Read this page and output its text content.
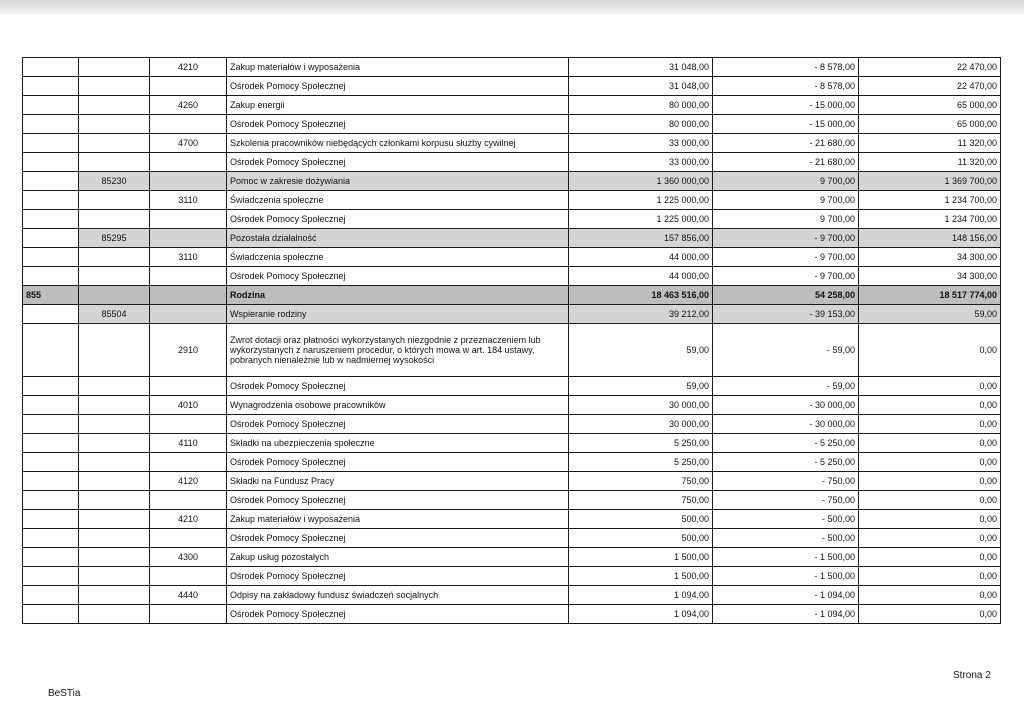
		4210	Zakup materiałów i wyposażenia	31 048,00	- 8 578,00	22 470,00
			Ośrodek Pomocy Społecznej	31 048,00	- 8 578,00	22 470,00
		4260	Zakup energii	80 000,00	- 15 000,00	65 000,00
			Ośrodek Pomocy Społecznej	80 000,00	- 15 000,00	65 000,00
		4700	Szkolenia pracowników niebędących członkami korpusu służby cywilnej	33 000,00	- 21 680,00	11 320,00
			Ośrodek Pomocy Społecznej	33 000,00	- 21 680,00	11 320,00
	85230		Pomoc w zakresie dożywiania	1 360 000,00	9 700,00	1 369 700,00
		3110	Świadczenia społeczne	1 225 000,00	9 700,00	1 234 700,00
			Ośrodek Pomocy Społecznej	1 225 000,00	9 700,00	1 234 700,00
	85295		Pozostała działalność	157 856,00	- 9 700,00	148 156,00
		3110	Świadczenia społeczne	44 000,00	- 9 700,00	34 300,00
			Ośrodek Pomocy Społecznej	44 000,00	- 9 700,00	34 300,00
855			Rodzina	18 463 516,00	54 258,00	18 517 774,00
	85504		Wspieranie rodziny	39 212,00	- 39 153,00	59,00
		2910	Zwrot dotacji oraz płatności wykorzystanych niezgodnie z przeznaczeniem lub wykorzystanych z naruszeniem procedur, o których mowa w art. 184 ustawy, pobranych nienależnie lub w nadmiernej wysokości	59,00	- 59,00	0,00
			Ośrodek Pomocy Społecznej	59,00	- 59,00	0,00
		4010	Wynagrodzenia osobowe pracowników	30 000,00	- 30 000,00	0,00
			Ośrodek Pomocy Społecznej	30 000,00	- 30 000,00	0,00
		4110	Składki na ubezpieczenia społeczne	5 250,00	- 5 250,00	0,00
			Ośrodek Pomocy Społecznej	5 250,00	- 5 250,00	0,00
		4120	Składki na Fundusz Pracy	750,00	- 750,00	0,00
			Ośrodek Pomocy Społecznej	750,00	- 750,00	0,00
		4210	Zakup materiałów i wyposażenia	500,00	- 500,00	0,00
			Ośrodek Pomocy Społecznej	500,00	- 500,00	0,00
		4300	Zakup usług pozostałych	1 500,00	- 1 500,00	0,00
			Ośrodek Pomocy Społecznej	1 500,00	- 1 500,00	0,00
		4440	Odpisy na zakładowy fundusz świadczeń socjalnych	1 094,00	- 1 094,00	0,00
			Ośrodek Pomocy Społecznej	1 094,00	- 1 094,00	0,00
BeSTia
Strona 2
